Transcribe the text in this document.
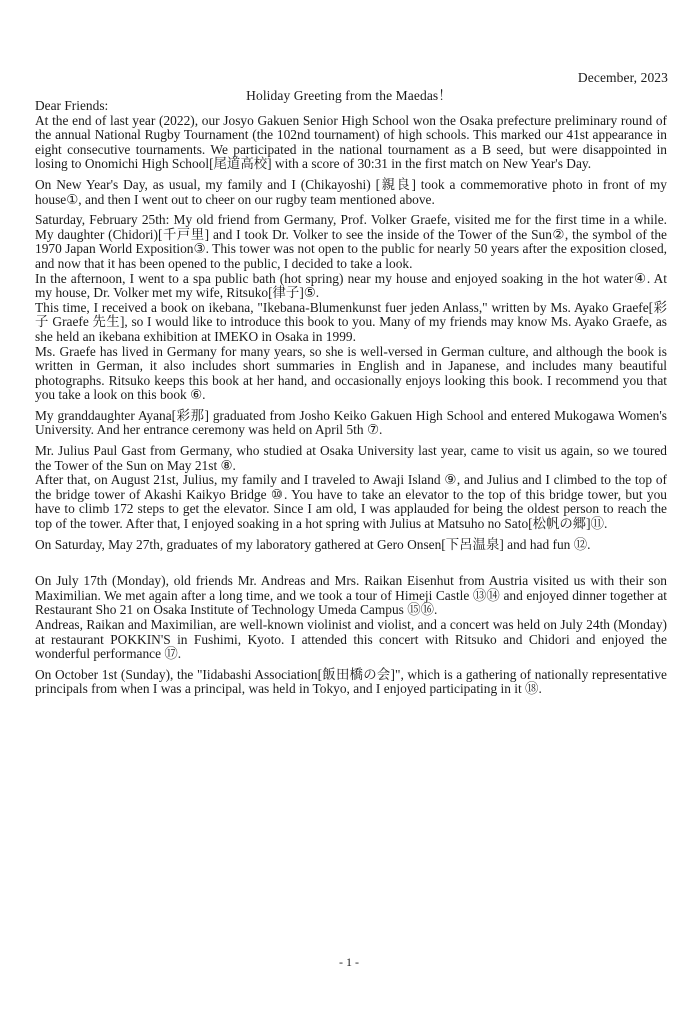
December, 2023
Holiday Greeting from the Maedas！

Dear Friends:

At the end of last year (2022), our Josyo Gakuen Senior High School won the Osaka prefecture preliminary round of the annual National Rugby Tournament (the 102nd tournament) of high schools. This marked our 41st appearance in eight consecutive tournaments. We participated in the national tournament as a B seed, but were disappointed in losing to Onomichi High School[尾道高校] with a score of 30:31 in the first match on New Year's Day.

On New Year's Day, as usual, my family and I (Chikayoshi) [親良] took a commemorative photo in front of my house①, and then I went out to cheer on our rugby team mentioned above.

Saturday, February 25th: My old friend from Germany, Prof. Volker Graefe, visited me for the first time in a while. My daughter (Chidori)[千戸里] and I took Dr. Volker to see the inside of the Tower of the Sun②, the symbol of the 1970 Japan World Exposition③. This tower was not open to the public for nearly 50 years after the exposition closed, and now that it has been opened to the public, I decided to take a look.

In the afternoon, I went to a spa public bath (hot spring) near my house and enjoyed soaking in the hot water④. At my house, Dr. Volker met my wife, Ritsuko[律子]⑤.

This time, I received a book on ikebana, "Ikebana-Blumenkunst fuer jeden Anlass," written by Ms. Ayako Graefe[彩子 Graefe 先生], so I would like to introduce this book to you. Many of my friends may know Ms. Ayako Graefe, as she held an ikebana exhibition at IMEKO in Osaka in 1999.

Ms. Graefe has lived in Germany for many years, so she is well-versed in German culture, and although the book is written in German, it also includes short summaries in English and in Japanese, and includes many beautiful photographs. Ritsuko keeps this book at her hand, and occasionally enjoys looking this book. I recommend you that you take a look on this book ⑥.

My granddaughter Ayana[彩那] graduated from Josho Keiko Gakuen High School and entered Mukogawa Women's University. And her entrance ceremony was held on April 5th ⑦.

Mr. Julius Paul Gast from Germany, who studied at Osaka University last year, came to visit us again, so we toured the Tower of the Sun on May 21st ⑧.

After that, on August 21st, Julius, my family and I traveled to Awaji Island ⑨, and Julius and I climbed to the top of the bridge tower of Akashi Kaikyo Bridge ⑩. You have to take an elevator to the top of this bridge tower, but you have to climb 172 steps to get the elevator. Since I am old, I was applauded for being the oldest person to reach the top of the tower. After that, I enjoyed soaking in a hot spring with Julius at Matsuho no Sato[松帆の郷]⑪.

On Saturday, May 27th, graduates of my laboratory gathered at Gero Onsen[下呂温泉] and had fun ⑫.

On July 17th (Monday), old friends Mr. Andreas and Mrs. Raikan Eisenhut from Austria visited us with their son Maximilian. We met again after a long time, and we took a tour of Himeji Castle ⑬⑭ and enjoyed dinner together at Restaurant Sho 21 on Osaka Institute of Technology Umeda Campus ⑮⑯.

Andreas, Raikan and Maximilian, are well-known violinist and violist, and a concert was held on July 24th (Monday) at restaurant POKKIN'S in Fushimi, Kyoto. I attended this concert with Ritsuko and Chidori and enjoyed the wonderful performance ⑰.

On October 1st (Sunday), the "Iidabashi Association[飯田橋の会]", which is a gathering of nationally representative principals from when I was a principal, was held in Tokyo, and I enjoyed participating in it ⑱.

- 1 -
